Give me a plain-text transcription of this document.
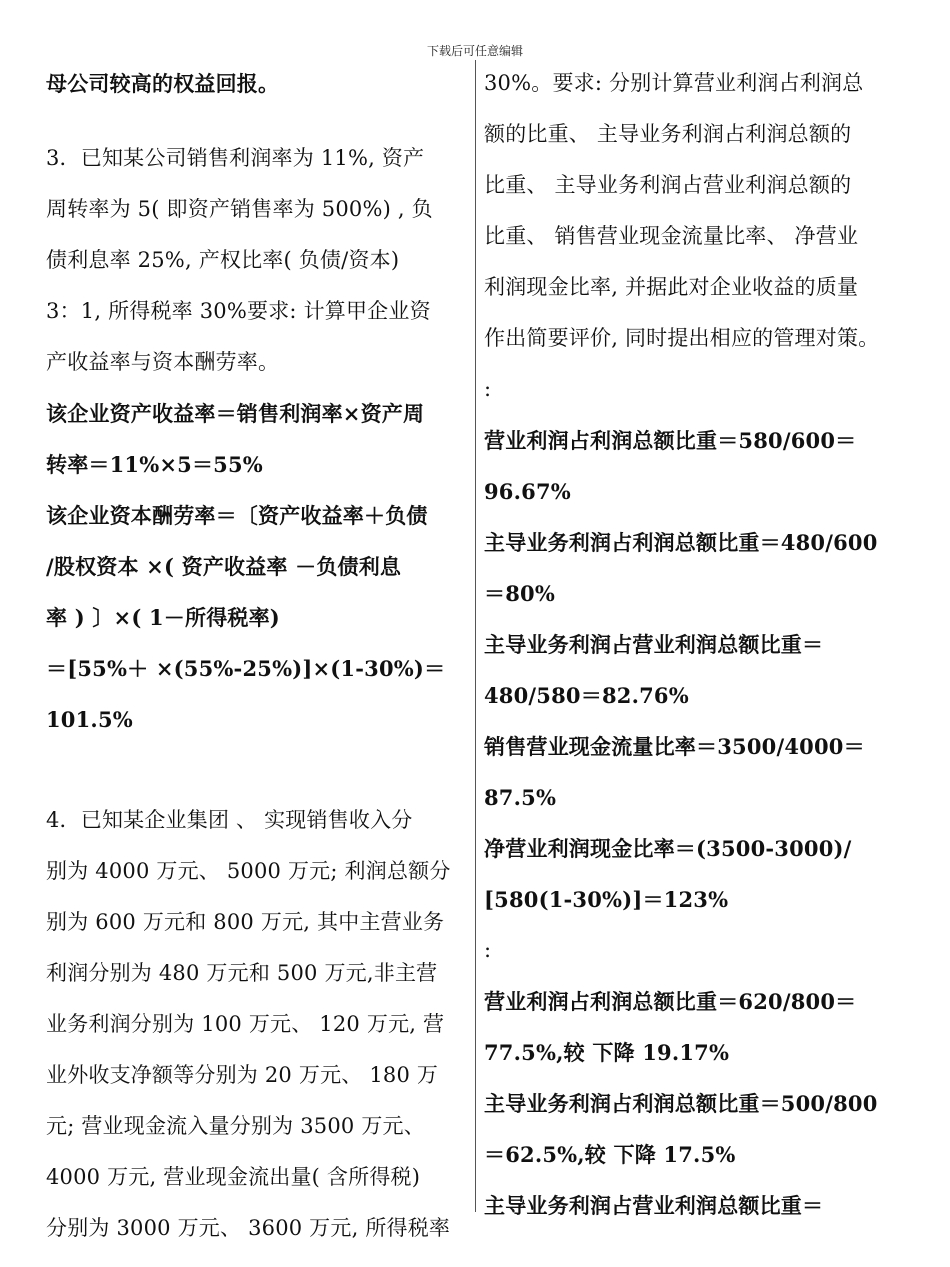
下载后可任意编辑
母公司较高的权益回报。
3．已知某公司销售利润率为 11%, 资产
周转率为 5( 即资产销售率为 500%) , 负
债利息率 25%, 产权比率( 负债/资本)
3：1, 所得税率 30%要求: 计算甲企业资
产收益率与资本酬劳率。
该企业资产收益率＝销售利润率×资产周
转率＝11%×5＝55%
该企业资本酬劳率＝〔资产收益率＋负债
/股权资本 ×( 资产收益率 －负债利息
率 ) 〕×( 1－所得税率)
＝[55%＋ ×(55%-25%)]×(1-30%)＝
101.5%
4．已知某企业集团 、 实现销售收入分
别为 4000 万元、 5000 万元; 利润总额分
别为 600 万元和 800 万元, 其中主营业务
利润分别为 480 万元和 500 万元,非主营
业务利润分别为 100 万元、 120 万元, 营
业外收支净额等分别为 20 万元、 180 万
元; 营业现金流入量分别为 3500 万元、
4000 万元, 营业现金流出量( 含所得税)
分别为 3000 万元、 3600 万元, 所得税率
30%。要求: 分别计算营业利润占利润总
额的比重、 主导业务利润占利润总额的
比重、 主导业务利润占营业利润总额的
比重、 销售营业现金流量比率、 净营业
利润现金比率, 并据此对企业收益的质量
作出简要评价, 同时提出相应的管理对策。
:
营业利润占利润总额比重＝580/600＝
96.67%
主导业务利润占利润总额比重＝480/600
＝80%
主导业务利润占营业利润总额比重＝
480/580＝82.76%
销售营业现金流量比率＝3500/4000＝
87.5%
净营业利润现金比率＝(3500-3000)/
[580(1-30%)]＝123%
:
营业利润占利润总额比重＝620/800＝
77.5%,较 下降 19.17%
主导业务利润占利润总额比重＝500/800
＝62.5%,较 下降 17.5%
主导业务利润占营业利润总额比重＝
